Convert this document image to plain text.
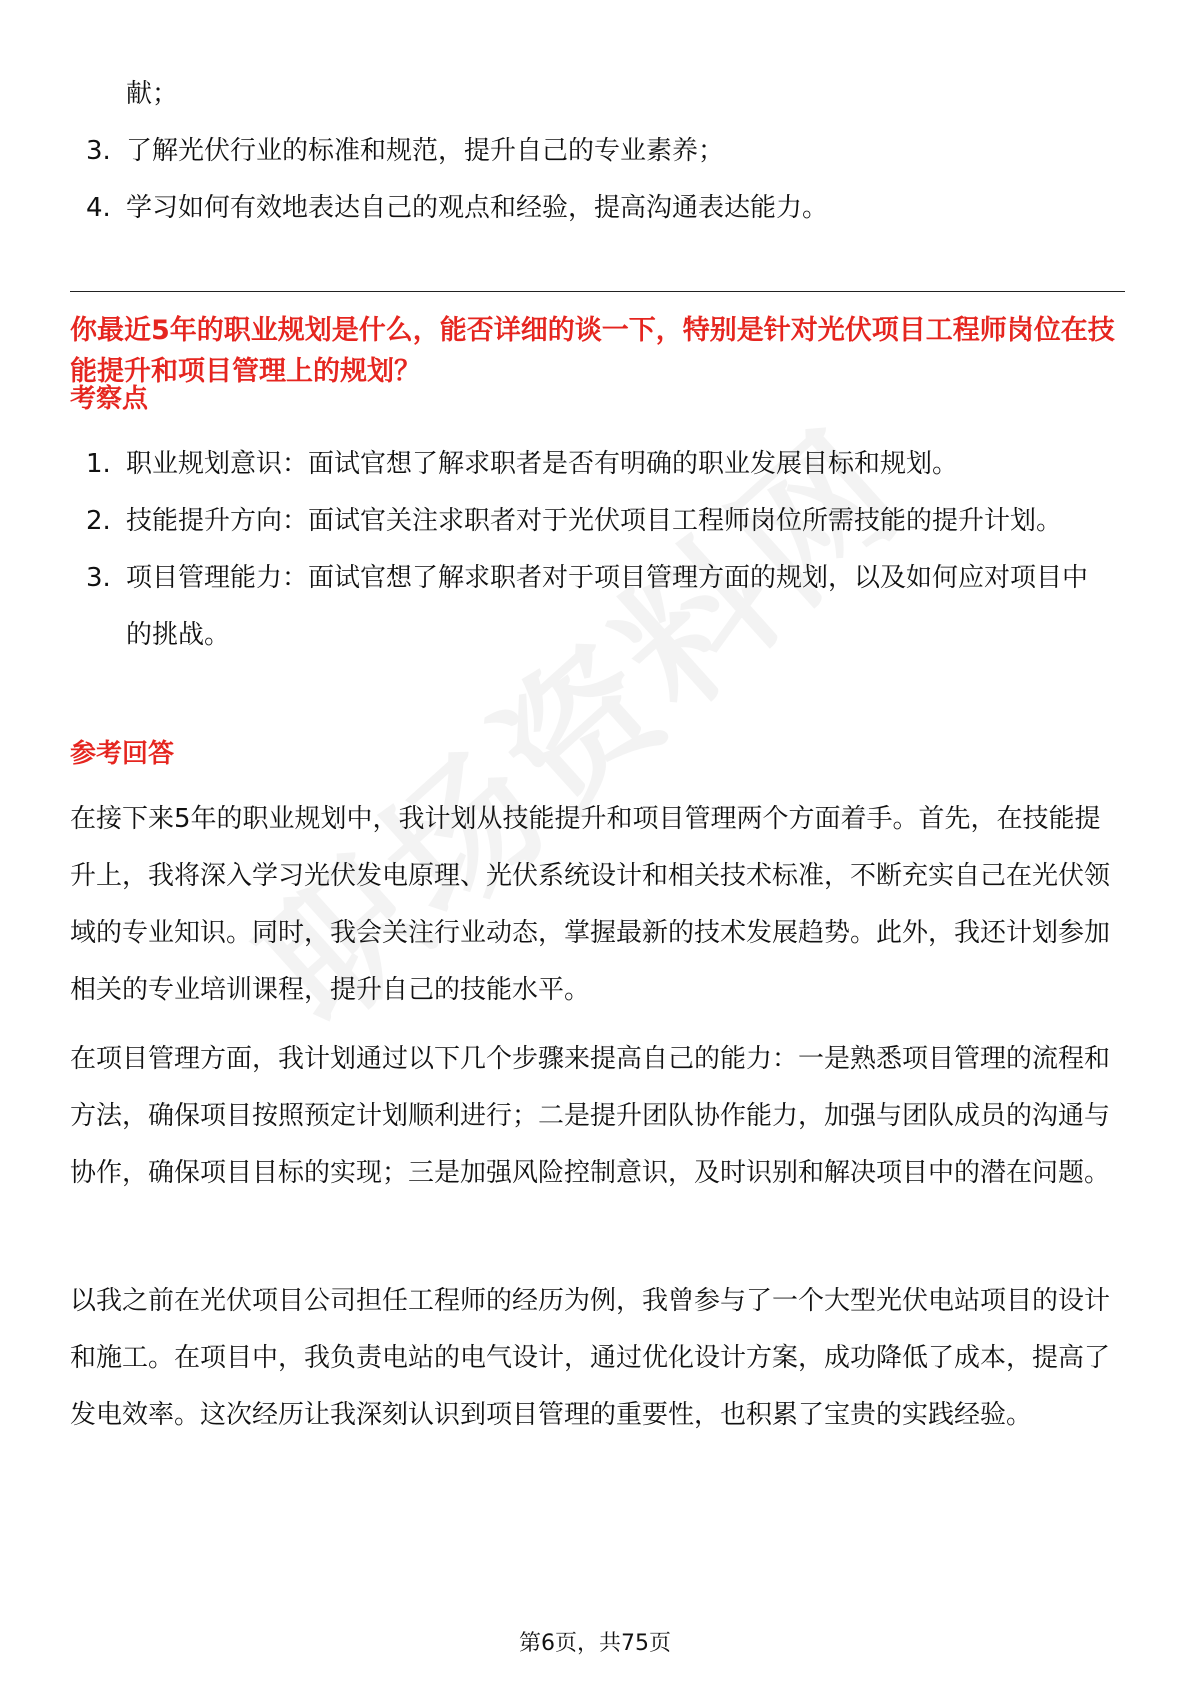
献；
3. 了解光伏行业的标准和规范，提升自己的专业素养；
4. 学习如何有效地表达自己的观点和经验，提高沟通表达能力。

你最近5年的职业规划是什么，能否详细的谈一下，特别是针对光伏项目工程师岗位在技能提升和项目管理上的规划？

考察点

1. 职业规划意识：面试官想了解求职者是否有明确的职业发展目标和规划。
2. 技能提升方向：面试官关注求职者对于光伏项目工程师岗位所需技能的提升计划。
3. 项目管理能力：面试官想了解求职者对于项目管理方面的规划，以及如何应对项目中的挑战。

参考回答

在接下来5年的职业规划中，我计划从技能提升和项目管理两个方面着手。首先，在技能提升上，我将深入学习光伏发电原理、光伏系统设计和相关技术标准，不断充实自己在光伏领域的专业知识。同时，我会关注行业动态，掌握最新的技术发展趋势。此外，我还计划参加相关的专业培训课程，提升自己的技能水平。

在项目管理方面，我计划通过以下几个步骤来提高自己的能力：一是熟悉项目管理的流程和方法，确保项目按照预定计划顺利进行；二是提升团队协作能力，加强与团队成员的沟通与协作，确保项目目标的实现；三是加强风险控制意识，及时识别和解决项目中的潜在问题。

以我之前在光伏项目公司担任工程师的经历为例，我曾参与了一个大型光伏电站项目的设计和施工。在项目中，我负责电站的电气设计，通过优化设计方案，成功降低了成本，提高了发电效率。这次经历让我深刻认识到项目管理的重要性，也积累了宝贵的实践经验。

第6页，共75页
